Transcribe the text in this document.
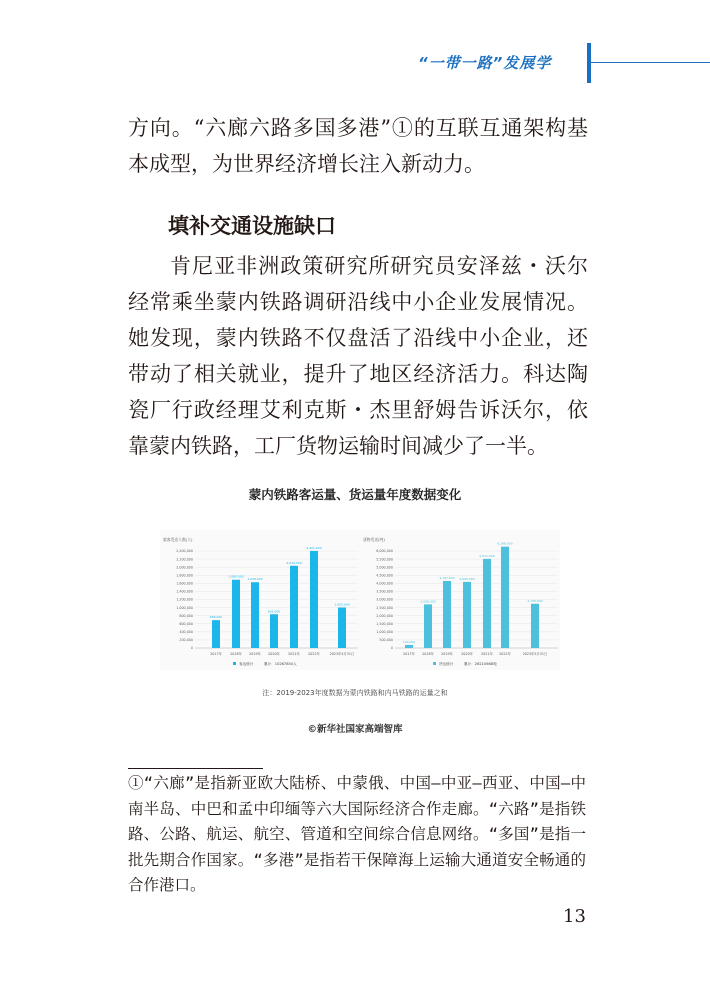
“一带一路”发展学
方向。“六廊六路多国多港”①的互联互通架构基本成型，为世界经济增长注入新动力。
填补交通设施缺口
肯尼亚非洲政策研究所研究员安泽兹・沃尔经常乘坐蒙内铁路调研沿线中小企业发展情况。她发现，蒙内铁路不仅盘活了沿线中小企业，还带动了相关就业，提升了地区经济活力。科达陶瓷厂行政经理艾利克斯・杰里舒姆告诉沃尔，依靠蒙内铁路，工厂货物运输时间减少了一半。
蒙内铁路客运量、货运量年度数据变化
旅客发送人数(人)
0
200,000
400,000
600,000
800,000
1,000,000
1,200,000
1,400,000
1,600,000
1,800,000
2,000,000
2,200,000
2,400,000
689,000
2017年
1,689,000
2018年
1,628,000
2019年
835,000
2020年
2,034,000
2021年
2,401,000
2022年
1,002,000
2023年5月31日
客运统计	累计：10267854人
货物发送(吨)
0
500,000
1,000,000
1,500,000
2,000,000
2,500,000
3,000,000
3,500,000
4,000,000
4,500,000
5,000,000
5,500,000
6,000,000
190,000
2017年
2,696,000
2018年
4,147,000
2019年
4,090,000
2020年
5,511,000
2021年
6,268,000
2022年
2,736,000
2023年5月31日
货运统计	累计：26210668吨
注：2019-2023年度数据为蒙内铁路和内马铁路的运量之和
©新华社国家高端智库
①“六廊”是指新亚欧大陆桥、中蒙俄、中国—中亚—西亚、中国—中南半岛、中巴和孟中印缅等六大国际经济合作走廊。“六路”是指铁路、公路、航运、航空、管道和空间综合信息网络。“多国”是指一批先期合作国家。“多港”是指若干保障海上运输大通道安全畅通的合作港口。
13
